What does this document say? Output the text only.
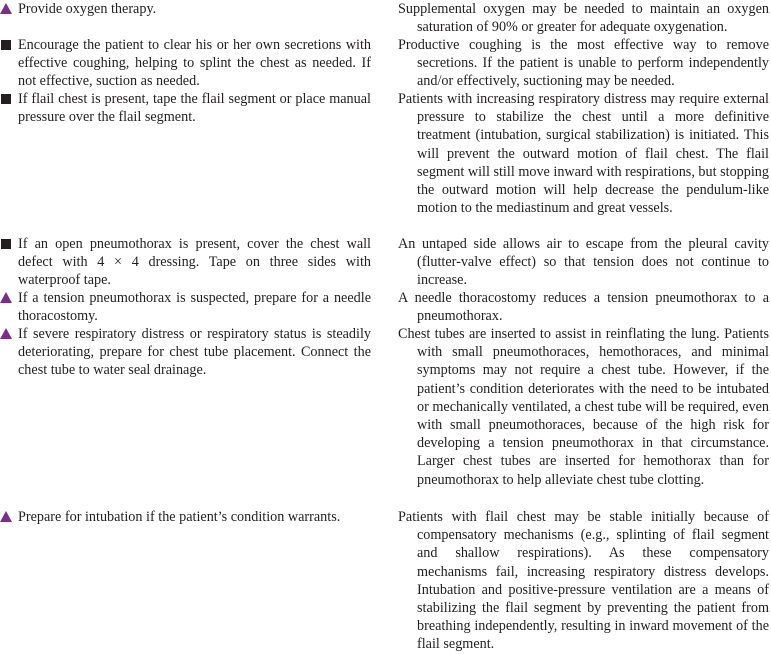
Provide oxygen therapy.	Supplemental oxygen may be needed to maintain an oxygen saturation of 90% or greater for adequate oxygenation.
Encourage the patient to clear his or her own secretions with effective coughing, helping to splint the chest as needed. If not effective, suction as needed.
Productive coughing is the most effective way to remove secretions. If the patient is unable to perform independently and/or effectively, suctioning may be needed.
If flail chest is present, tape the flail segment or place manual pressure over the flail segment.
Patients with increasing respiratory distress may require external pressure to stabilize the chest until a more definitive treatment (intubation, surgical stabilization) is initiated. This will prevent the outward motion of flail chest. The flail segment will still move inward with respirations, but stopping the outward motion will help decrease the pendulum-like motion to the mediastinum and great vessels.
If an open pneumothorax is present, cover the chest wall defect with 4 × 4 dressing. Tape on three sides with waterproof tape.
An untaped side allows air to escape from the pleural cavity (flutter-valve effect) so that tension does not continue to increase.
If a tension pneumothorax is suspected, prepare for a needle thoracostomy.
A needle thoracostomy reduces a tension pneumothorax to a pneumothorax.
If severe respiratory distress or respiratory status is steadily deteriorating, prepare for chest tube placement. Connect the chest tube to water seal drainage.
Chest tubes are inserted to assist in reinflating the lung. Patients with small pneumothoraces, hemothoraces, and minimal symptoms may not require a chest tube. However, if the patient’s condition deteriorates with the need to be intubated or mechanically ventilated, a chest tube will be required, even with small pneumothoraces, because of the high risk for developing a tension pneumothorax in that circumstance. Larger chest tubes are inserted for hemothorax than for pneumothorax to help alleviate chest tube clotting.
Prepare for intubation if the patient’s condition warrants.	Patients with flail chest may be stable initially because of compensatory mechanisms (e.g., splinting of flail segment and shallow respirations). As these compensatory mechanisms fail, increasing respiratory distress develops. Intubation and positive-pressure ventilation are a means of stabilizing the flail segment by preventing the patient from breathing independently, resulting in inward movement of the flail segment.
